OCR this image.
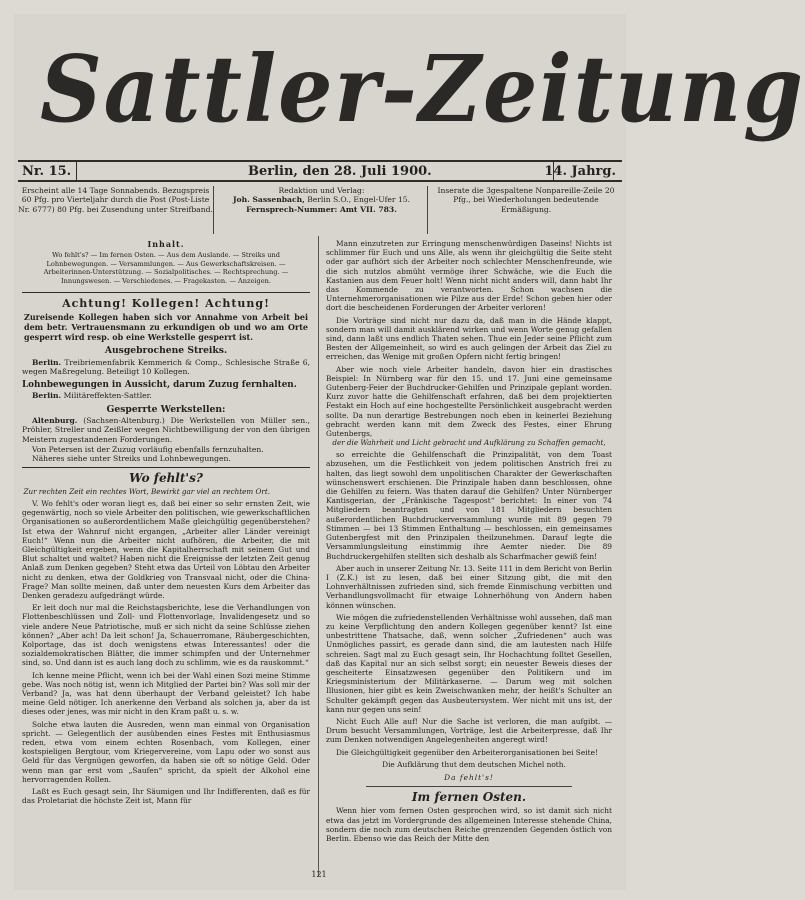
Sattler-Zeitung
Nr. 15.	Berlin, den 28. Juli 1900.	14. Jahrg.
Erscheint alle 14 Tage Sonnabends. Bezugspreis 60 Pfg. pro Vierteljahr durch die Post (Post-Liste Nr. 6777) 80 Pfg. bei Zusendung unter Streifband.
Redaktion und Verlag:
Joh. Sassenbach, Berlin S.O., Engel-Ufer 15.
Fernsprech-Nummer: Amt VII. 783.
Inserate die 3gespaltene Nonpareille-Zeile 20 Pfg., bei Wiederholungen bedeutende Ermäßigung.
Inhalt.
Wo fehlt's? — Im fernen Osten. — Aus dem Auslande. — Streiks und Lohnbewegungen. — Versammlungen. — Aus Gewerkschaftskreisen. — Arbeiterinnen-Unterstützung. — Sozialpolitisches. — Rechtsprechung. — Innungswesen. — Verschiedenes. — Fragekasten. — Anzeigen.
Achtung! Kollegen! Achtung!
Zureisende Kollegen haben sich vor Annahme von Arbeit bei dem betr. Vertrauensmann zu erkundigen ob und wo am Orte gesperrt wird resp. ob eine Werkstelle gesperrt ist.
Ausgebrochene Streiks.
Berlin. Treibriemenfabrik Kemmerich & Comp., Schlesische Straße 6, wegen Maßregelung. Beteiligt 10 Kollegen.
Lohnbewegungen in Aussicht, darum Zuzug fernhalten.
Berlin. Militäreffekten-Sattler.
Gesperrte Werkstellen:
Altenburg. (Sachsen-Altenburg.) Die Werkstellen von Müller sen., Pröhler, Streller und Zeißler wegen Nichtbewilligung der von den übrigen Meistern zugestandenen Forderungen.
Von Petersen ist der Zuzug vorläufig ebenfalls fernzuhalten.
Näheres siehe unter Streiks und Lohnbewegungen.
Wo fehlt's?
Zur rechten Zeit ein rechtes Wort, Bewirkt gar viel an rechtem Ort.

V. Wo fehlt's oder woran liegt es, daß bei einer so sehr ernsten Zeit, wie gegenwärtig, noch so viele Arbeiter den politischen, wie gewerkschaftlichen Organisationen so außerordentlichem Maße gleichgültig gegenüberstehen? Ist etwa der Wahnruf nicht ergangen, „Arbeiter aller Länder vereinigt Euch!“ Wenn nun die Arbeiter nicht aufhören, die Arbeiter, die mit Gleichgültigkeit ergeben, wenn die Kapitalherrschaft mit seinem Gut und Blut schaltet und waltet? Haben nicht die Ereignisse der letzten Zeit genug Anlaß zum Denken gegeben? Steht etwa das Urteil von Löbtau den Arbeiter nicht zu denken, etwa der Goldkrieg von Transvaal nicht, oder die China-Frage? Man sollte meinen, daß unter dem neuesten Kurs dem Arbeiter das Denken geradezu aufgedrängt würde.

Er leit doch nur mal die Reichstagsberichte, lese die Verhandlungen von Flottenbeschlüssen und Zoll- und Flottenvorlage, Invalidengesetz und so viele andere Neue Patriotische, muß er sich nicht da seine Schlüsse ziehen können? „Aber ach! Da leit schon! Ja, Schauerromane, Räubergeschichten, Kolportage, das ist doch wenigstens etwas Interessantes! oder die sozialdemokratischen Blätter, die immer schimpfen und der Unternehmer sind, so. Und dann ist es auch lang doch zu schlimm, wie es da rauskommt.“

Ich kenne meine Pflicht, wenn ich bei der Wahl einen Sozi meine Stimme gebe. Was noch nötig ist, wenn ich Mitglied der Partei bin? Was soll mir der Verband? Ja, was hat denn überhaupt der Verband geleistet? Ich habe meine Geld nötiger. Ich anerkenne den Verband als solchen ja, aber da ist dieses oder jenes, was mir nicht in den Kram paßt u. s. w.

Solche etwa lauten die Ausreden, wenn man einmal von Organisation spricht. — Gelegentlich der ausübenden eines Festes mit Enthusiasmus reden, etwa vom einem echten Rosenbach, vom Kollegen, einer kostspieligen Bergtour, vom Kriegervereine, vom Lapu oder wo sonst aus Geld für das Vergnügen geworfen, da haben sie oft so nötige Geld. Oder wenn man gar erst vom „Saufen“ spricht, da spielt der Alkohol eine hervorragenden Rollen.

Laßt es Euch gesagt sein, Ihr Säumigen und Ihr Indifferenten, daß es für das Proletariat die höchste Zeit ist, Mann für

Mann einzutreten zur Erringung menschenwürdigen Daseins! Nichts ist schlimmer für Euch und uns Alle, als wenn ihr gleichgültig die Seite steht oder gar aufhört sich der Arbeiter noch schlechter Menschenfreunde, wie die sich nutzlos abmüht vermöge ihrer Schwäche, wie die Euch die Kastanien aus dem Feuer holt! Wenn nicht nicht anders will, dann habt Ihr das Kommende zu verantworten. Schon wachsen die Unternehmerorganisationen wie Pilze aus der Erde! Schon geben hier oder dort die bescheidenen Forderungen der Arbeiter verloren!

Die Vorträge sind nicht nur dazu da, daß man in die Hände klappt, sondern man will damit ausklärend wirken und wenn Worte genug gefallen sind, dann laßt uns endlich Thaten sehen. Thue ein Jeder seine Pflicht zum Besten der Allgemeinheit, so wird es auch gelingen der Arbeit das Ziel zu erreichen, das Wenige mit großen Opfern nicht fertig bringen!

Aber wie noch viele Arbeiter handeln, davon hier ein drastisches Beispiel: In Nürnberg war für den 15. und 17. Juni eine gemeinsame Gutenberg-Feier der Buchdrucker-Gehilfen und Prinzipale geplant worden. Kurz zuvor hatte die Gehilfenschaft erfahren, daß bei dem projektierten Festakt ein Hoch auf eine hochgestellte Persönlichkeit ausgebracht werden sollte. Da nun derartige Bestrebungen noch eben in keinerlei Beziehung gebracht werden kann mit dem Zweck des Festes, einer Ehrung Gutenbergs,

der die Wahrheit und Licht gebracht und Aufklärung zu Schaffen gemacht,

so erreichte die Gehilfenschaft die Prinzipalität, von dem Toast abzusehen, um die Festlichkeit von jedem politischen Anstrich frei zu halten, das liegt sowohl dem unpolitischen Charakter der Gewerkschaften wünschenswert erschienen. Die Prinzipale haben dann beschlossen, ohne die Gehilfen zu feiern. Was thaten darauf die Gehilfen? Unter Nürnberger Kantisgerian, der „Fränkische Tagespost“ berichtet: In einer von 74 Mitgliedern beantragten und von 181 Mitgliedern besuchten außerordentlichen Buchdruckerversammlung wurde mit 89 gegen 79 Stimmen — bei 13 Stimmen Enthaltung — beschlossen, ein gemeinsames Gutenbergfest mit den Prinzipalen theilzunehmen. Darauf legte die Versammlungsleitung einstimmig ihre Aemter nieder. Die 89 Buchdruckergehilfen stellten sich deshalb als Scharfmacher gewiß fein!

Aber auch in unserer Zeitung Nr. 13. Seite 111 in dem Bericht von Berlin I (Z.K.) ist zu lesen, daß bei einer Sitzung gibt, die mit den Lohnverhältnissen zufrieden sind, sich fremde Einmischung verbitten und Verhandlungsvollmacht für etwaige Lohnerhöhung von Andern haben können wünschen.

Wie mögen die zufriedenstellenden Verhältnisse wohl aussehen, daß man zu keine Verpflichtung den andern Kollegen gegenüber kennt? Ist eine unbestrittene Thatsache, daß, wenn solcher „Zufriedenen“ auch was Unmögliches passirt, es gerade dann sind, die am lautesten nach Hilfe schreien. Sagt mal zu Euch gesagt sein, Ihr Hochachtung folltet Gesellen, daß das Kapital nur an sich selbst sorgt; ein neuester Beweis dieses der gescheiterte Einsatzwesen gegenüber den Politikern und im Kriegsministerium der Militärkaserne. — Darum weg mit solchen Illusionen, hier gibt es kein Zweischwanken mehr, der heißt's Schulter an Schulter gekämpft gegen das Ausbeutersystem. Wer nicht mit uns ist, der kann nur gegen uns sein!

Nicht Euch Alle auf! Nur die Sache ist verloren, die man aufgibt. — Drum besucht Versammlungen, Vorträge, lest die Arbeiterpresse, daß Ihr zum Denken notwendigen Angelegenheiten angeregt wird!

Die Gleichgültigkeit gegenüber den Arbeiterorganisationen bei Seite!

Die Aufklärung thut dem deutschen Michel noth.

Da fehlt's!
Im fernen Osten.

Wenn hier vom fernen Osten gesprochen wird, so ist damit sich nicht etwa das jetzt im Vordergrunde des allgemeinen Interesse stehende China, sondern die noch zum deutschen Reiche grenzenden Gegenden östlich von Berlin. Ebenso wie das Reich der Mitte den

121
